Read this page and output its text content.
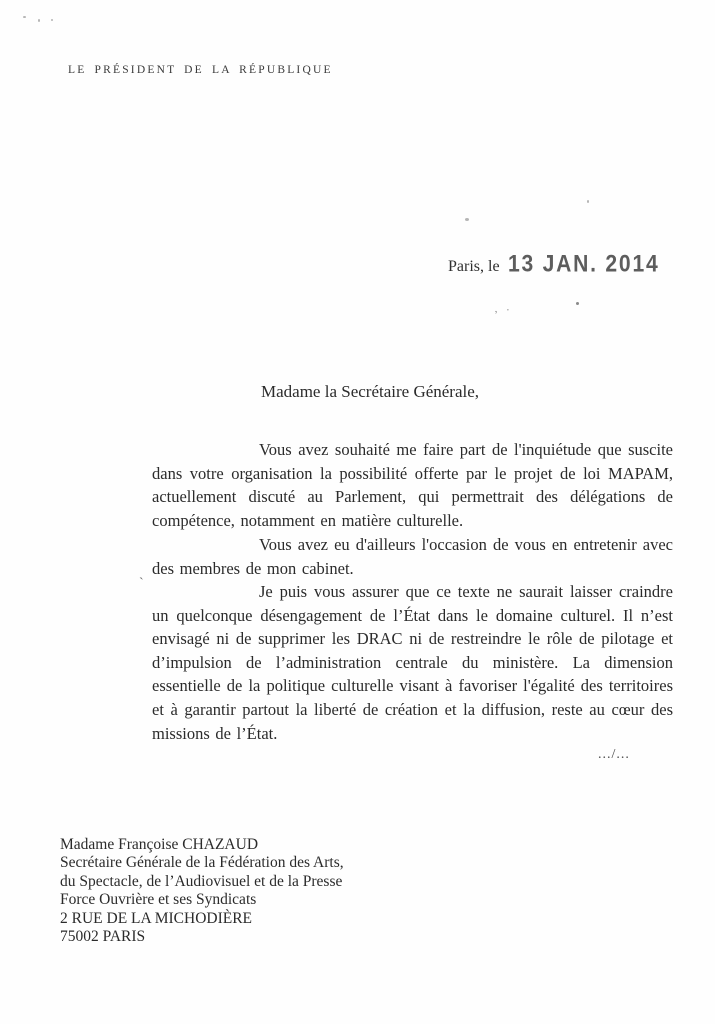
LE PRÉSIDENT DE LA RÉPUBLIQUE
Paris, le 13 JAN. 2014
, .
Madame la Secrétaire Générale,
`
Vous avez souhaité me faire part de l'inquiétude que suscite dans votre organisation la possibilité offerte par le projet de loi MAPAM, actuellement discuté au Parlement, qui permettrait des délégations de compétence, notamment en matière culturelle.
Vous avez eu d'ailleurs l'occasion de vous en entretenir avec des membres de mon cabinet.
Je puis vous assurer que ce texte ne saurait laisser craindre un quelconque désengagement de l’État dans le domaine culturel. Il n’est envisagé ni de supprimer les DRAC ni de restreindre le rôle de pilotage et d’impulsion de l’administration centrale du ministère. La dimension essentielle de la politique culturelle visant à favoriser l'égalité des territoires et à garantir partout la liberté de création et la diffusion, reste au cœur des missions de l’État.
.../...
Madame Françoise CHAZAUD
Secrétaire Générale de la Fédération des Arts,
du Spectacle, de l’Audiovisuel et de la Presse
Force Ouvrière et ses Syndicats
2 RUE DE LA MICHODIÈRE
75002 PARIS
